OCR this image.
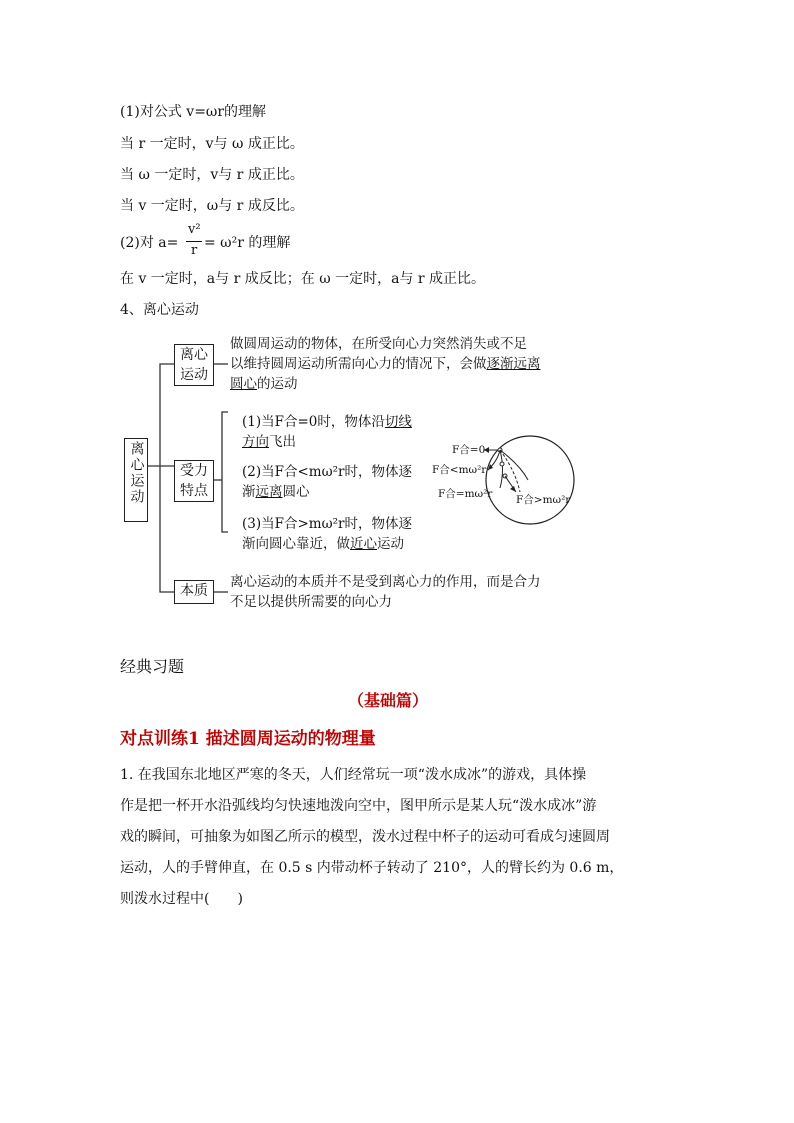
(1)对公式 v=ωr的理解
当 r 一定时，v与 ω 成正比。
当 ω 一定时，v与 r 成正比。
当 v 一定时，ω与 r 成反比。
(2)对 a=
v²
r = ω²r 的理解
在 v 一定时，a与 r 成反比；在 ω 一定时，a与 r 成正比。
4、离心运动
离心运动
离心运动
受力特点
本质
做圆周运动的物体，在所受向心力突然消失或不足
以维持圆周运动所需向心力的情况下，会做逐渐远离
圆心的运动
(1)当F合=0时，物体沿切线
方向飞出
(2)当F合<mω²r时，物体逐
渐远离圆心
(3)当F合>mω²r时，物体逐
渐向圆心靠近，做近心运动
F合=0
F合<mω²r
F合=mω²r F合>mω²r
离心运动的本质并不是受到离心力的作用，而是合力
不足以提供所需要的向心力
经典习题
（基础篇）
对点训练1 描述圆周运动的物理量
1. 在我国东北地区严寒的冬天，人们经常玩一项“泼水成冰”的游戏，具体操
作是把一杯开水沿弧线均匀快速地泼向空中，图甲所示是某人玩“泼水成冰”游
戏的瞬间，可抽象为如图乙所示的模型，泼水过程中杯子的运动可看成匀速圆周
运动，人的手臂伸直，在 0.5 s 内带动杯子转动了 210°，人的臂长约为 0.6 m，
则泼水过程中(　　)
